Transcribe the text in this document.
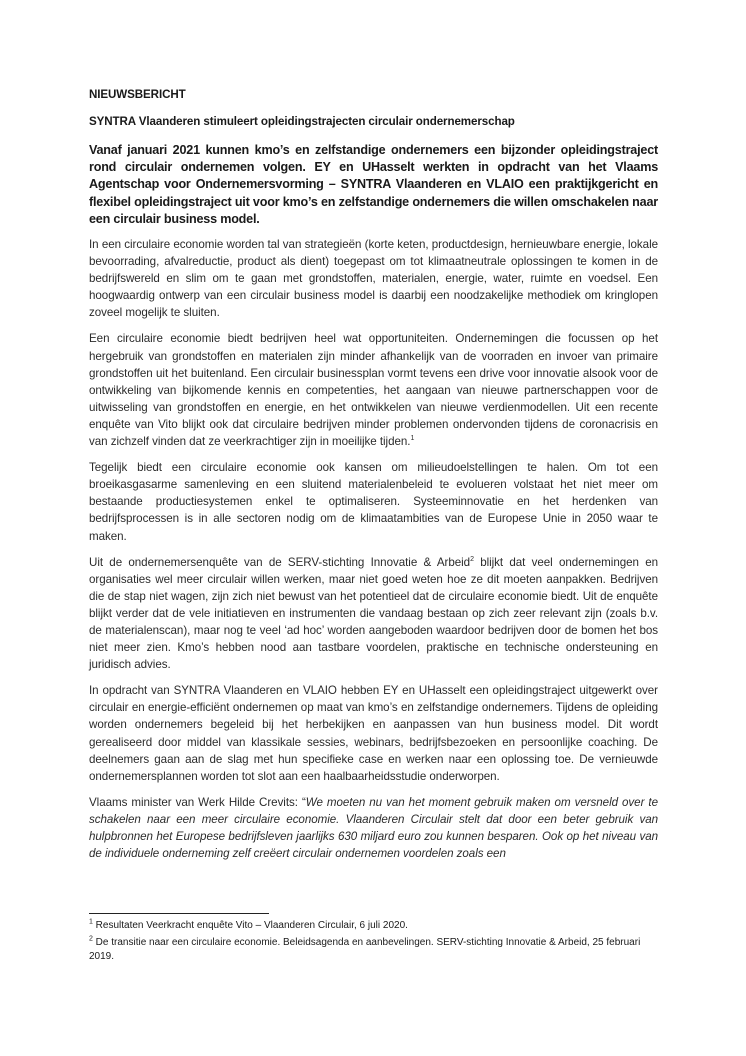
NIEUWSBERICHT

SYNTRA Vlaanderen stimuleert opleidingstrajecten circulair ondernemerschap

Vanaf januari 2021 kunnen kmo’s en zelfstandige ondernemers een bijzonder opleidingstraject rond circulair ondernemen volgen. EY en UHasselt werkten in opdracht van het Vlaams Agentschap voor Ondernemersvorming – SYNTRA Vlaanderen en VLAIO een praktijkgericht en flexibel opleidingstraject uit voor kmo’s en zelfstandige ondernemers die willen omschakelen naar een circulair business model.

In een circulaire economie worden tal van strategieën (korte keten, productdesign, hernieuwbare energie, lokale bevoorrading, afvalreductie, product als dient) toegepast om tot klimaatneutrale oplossingen te komen in de bedrijfswereld en slim om te gaan met grondstoffen, materialen, energie, water, ruimte en voedsel. Een hoogwaardig ontwerp van een circulair business model is daarbij een noodzakelijke methodiek om kringlopen zoveel mogelijk te sluiten.

Een circulaire economie biedt bedrijven heel wat opportuniteiten. Ondernemingen die focussen op het hergebruik van grondstoffen en materialen zijn minder afhankelijk van de voorraden en invoer van primaire grondstoffen uit het buitenland. Een circulair businessplan vormt tevens een drive voor innovatie alsook voor de ontwikkeling van bijkomende kennis en competenties, het aangaan van nieuwe partnerschappen voor de uitwisseling van grondstoffen en energie, en het ontwikkelen van nieuwe verdienmodellen. Uit een recente enquête van Vito blijkt ook dat circulaire bedrijven minder problemen ondervonden tijdens de coronacrisis en van zichzelf vinden dat ze veerkrachtiger zijn in moeilijke tijden.$^1$

Tegelijk biedt een circulaire economie ook kansen om milieudoelstellingen te halen. Om tot een broeikasgasarme samenleving en een sluitend materialenbeleid te evolueren volstaat het niet meer om bestaande productiesystemen enkel te optimaliseren. Systeeminnovatie en het herdenken van bedrijfsprocessen is in alle sectoren nodig om de klimaatambities van de Europese Unie in 2050 waar te maken.

Uit de ondernemersenquête van de SERV-stichting Innovatie & Arbeid$^2$ blijkt dat veel ondernemingen en organisaties wel meer circulair willen werken, maar niet goed weten hoe ze dit moeten aanpakken. Bedrijven die de stap niet wagen, zijn zich niet bewust van het potentieel dat de circulaire economie biedt. Uit de enquête blijkt verder dat de vele initiatieven en instrumenten die vandaag bestaan op zich zeer relevant zijn (zoals b.v. de materialenscan), maar nog te veel ‘ad hoc’ worden aangeboden waardoor bedrijven door de bomen het bos niet meer zien. Kmo’s hebben nood aan tastbare voordelen, praktische en technische ondersteuning en juridisch advies.

In opdracht van SYNTRA Vlaanderen en VLAIO hebben EY en UHasselt een opleidingstraject uitgewerkt over circulair en energie-efficiënt ondernemen op maat van kmo’s en zelfstandige ondernemers. Tijdens de opleiding worden ondernemers begeleid bij het herbekijken en aanpassen van hun business model. Dit wordt gerealiseerd door middel van klassikale sessies, webinars, bedrijfsbezoeken en persoonlijke coaching. De deelnemers gaan aan de slag met hun specifieke case en werken naar een oplossing toe. De vernieuwde ondernemersplannen worden tot slot aan een haalbaarheidsstudie onderworpen.

Vlaams minister van Werk Hilde Crevits: “We moeten nu van het moment gebruik maken om versneld over te schakelen naar een meer circulaire economie. Vlaanderen Circulair stelt dat door een beter gebruik van hulpbronnen het Europese bedrijfsleven jaarlijks 630 miljard euro zou kunnen besparen. Ook op het niveau van de individuele onderneming zelf creëert circulair ondernemen voordelen zoals een

$^1$ Resultaten Veerkracht enquête Vito – Vlaanderen Circulair, 6 juli 2020.

$^2$ De transitie naar een circulaire economie. Beleidsagenda en aanbevelingen. SERV-stichting Innovatie & Arbeid, 25 februari 2019.
